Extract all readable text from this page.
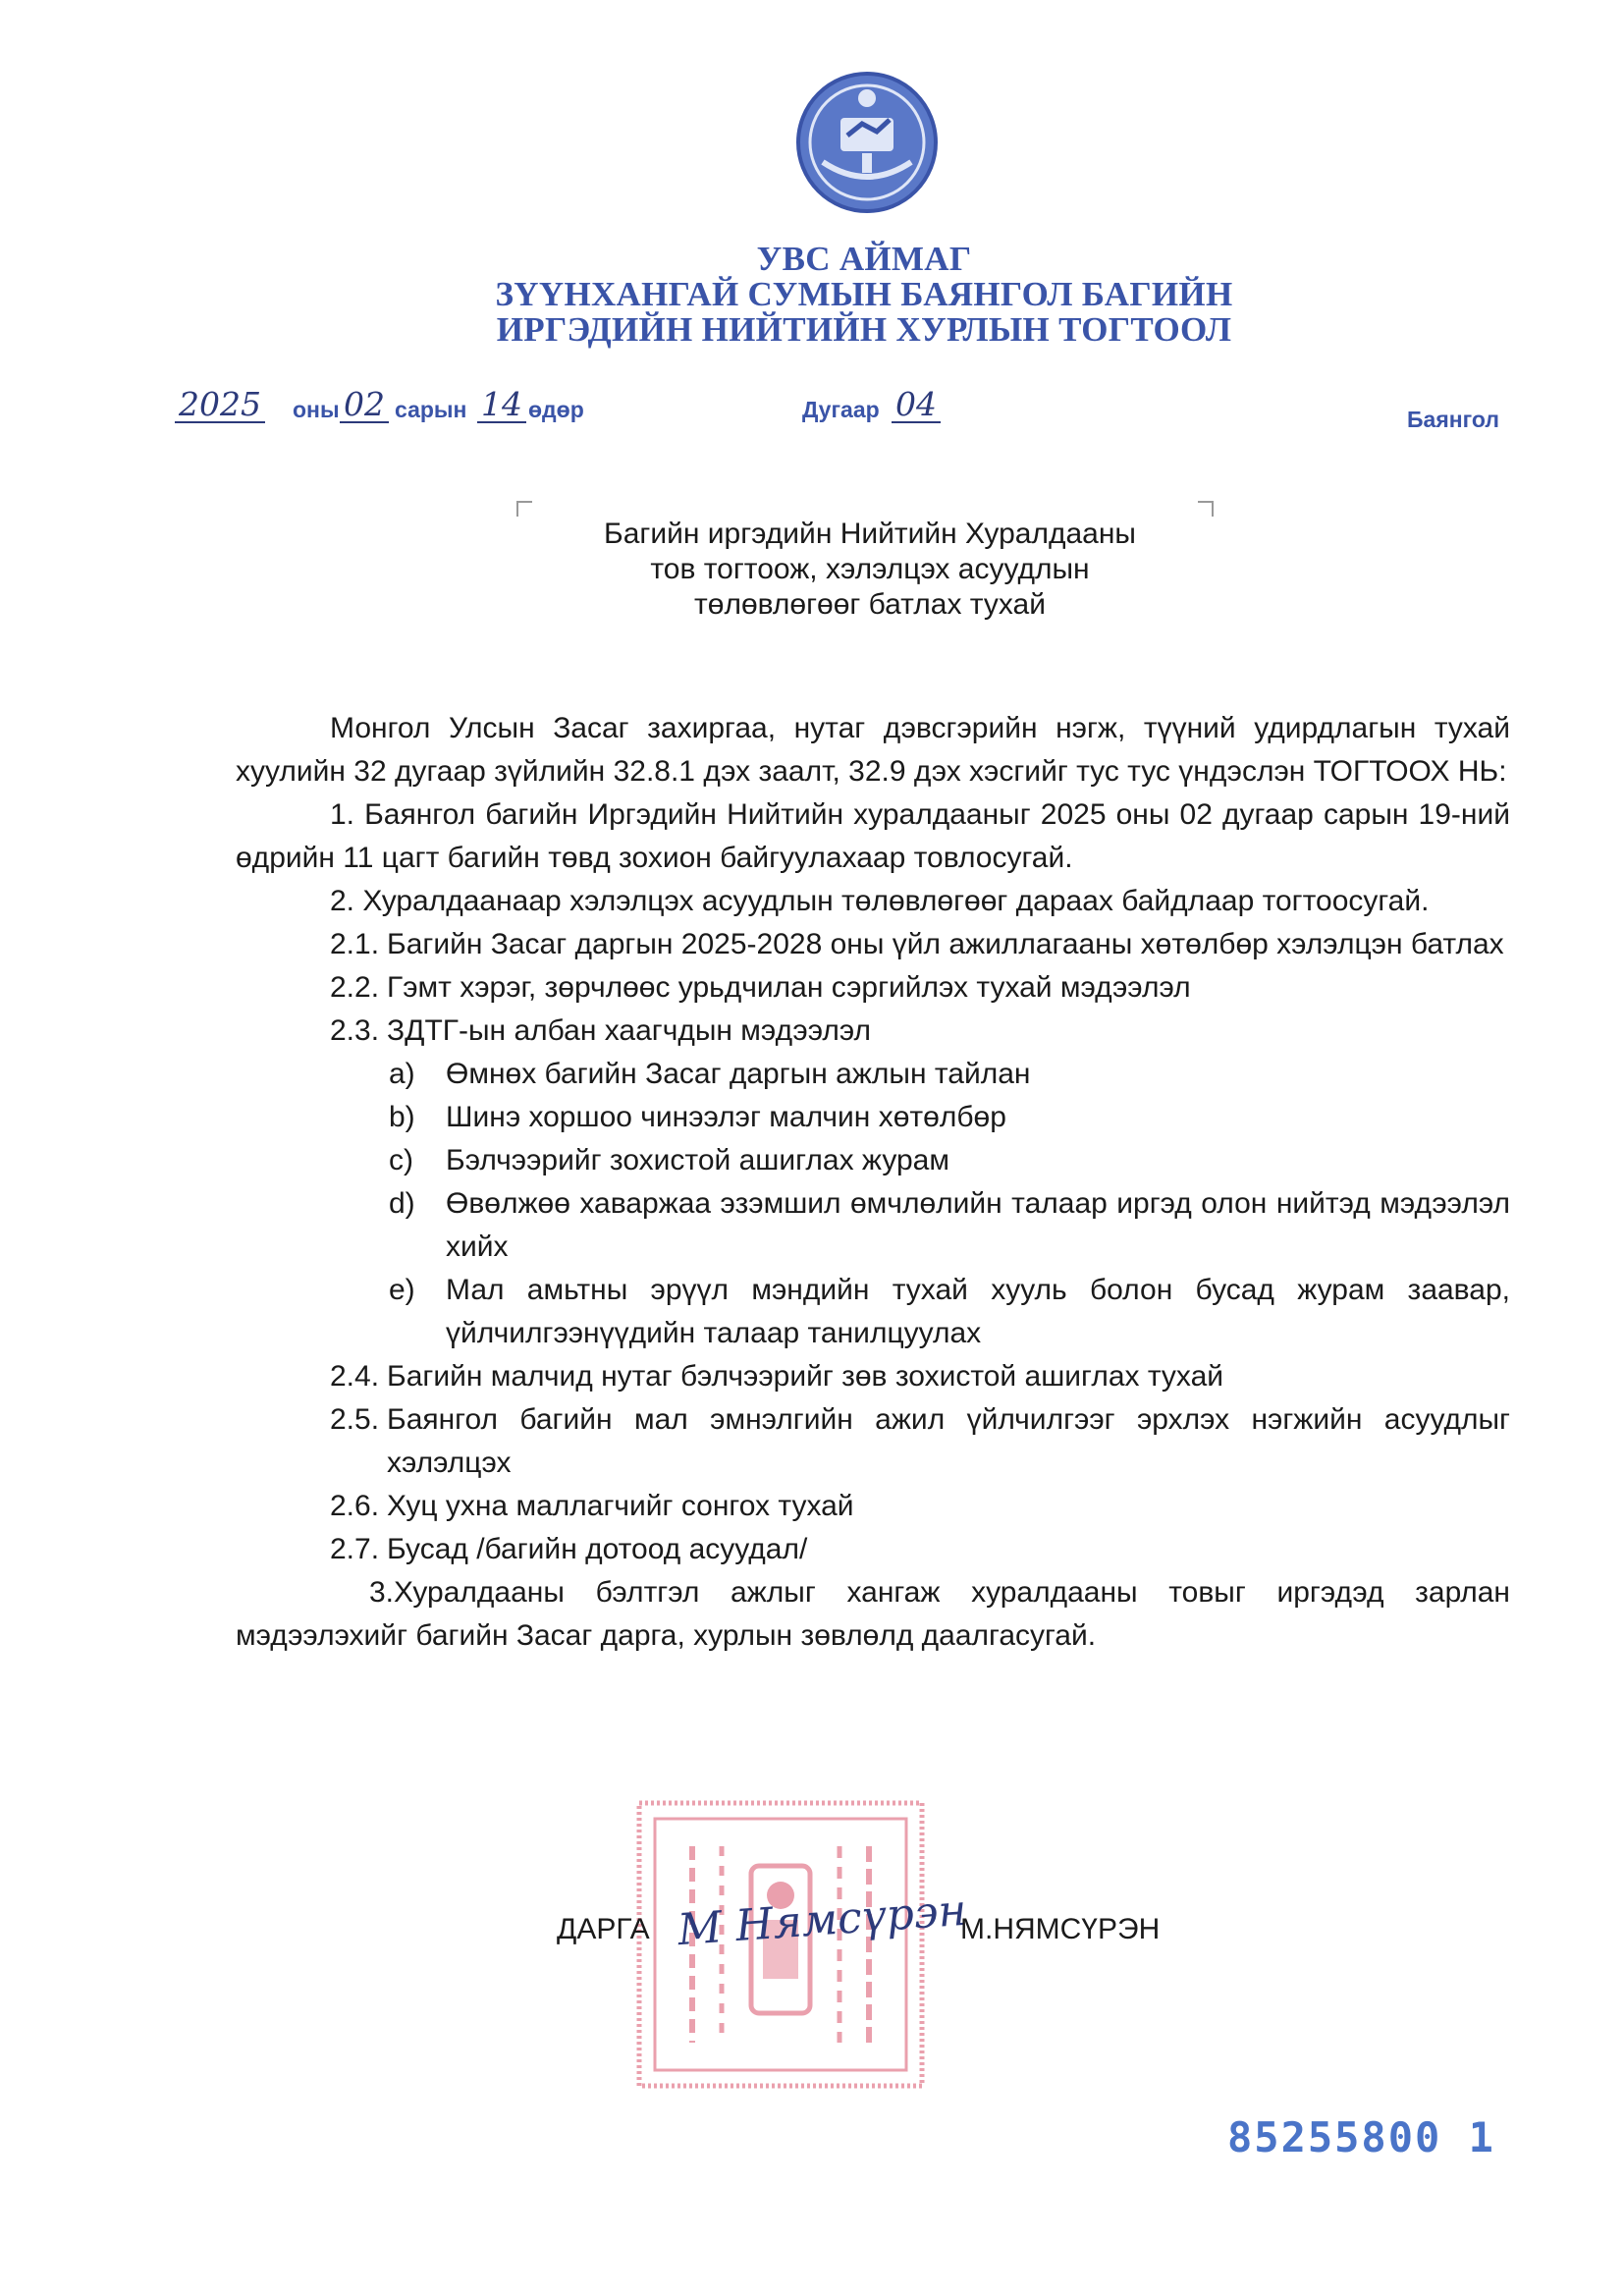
УВС АЙМАГ
ЗҮҮНХАНГАЙ СУМЫН БАЯНГОЛ БАГИЙН
ИРГЭДИЙН НИЙТИЙН ХУРЛЫН ТОГТООЛ
2025 оны 02 сарын 14 өдөр	Дугаар 04	Баянгол
Багийн иргэдийн Нийтийн Хуралдааны
тов тогтоож, хэлэлцэх асуудлын
төлөвлөгөөг батлах тухай

Монгол Улсын Засаг захиргаа, нутаг дэвсгэрийн нэгж, түүний удирдлагын тухай хуулийн 32 дугаар зүйлийн 32.8.1 дэх заалт, 32.9 дэх хэсгийг тус тус үндэслэн ТОГТООХ НЬ:

1. Баянгол багийн Иргэдийн Нийтийн хуралдааныг 2025 оны 02 дугаар сарын 19-ний өдрийн 11 цагт багийн төвд зохион байгуулахаар товлосугай.

2. Хуралдаанаар хэлэлцэх асуудлын төлөвлөгөөг дараах байдлаар тогтоосугай.

2.1. Багийн Засаг даргын 2025-2028 оны үйл ажиллагааны хөтөлбөр хэлэлцэн батлах

2.2. Гэмт хэрэг, зөрчлөөс урьдчилан сэргийлэх тухай мэдээлэл

2.3. ЗДТГ-ын албан хаагчдын мэдээлэл

a) Өмнөх багийн Засаг даргын ажлын тайлан

b) Шинэ хоршоо чинээлэг малчин хөтөлбөр

c) Бэлчээрийг зохистой ашиглах журам

d) Өвөлжөө хаваржаа эзэмшил өмчлөлийн талаар иргэд олон нийтэд мэдээлэл хийх

e) Мал амьтны эрүүл мэндийн тухай хууль болон бусад журам заавар, үйлчилгээнүүдийн талаар танилцуулах

2.4. Багийн малчид нутаг бэлчээрийг зөв зохистой ашиглах тухай

2.5. Баянгол багийн мал эмнэлгийн ажил үйлчилгээг эрхлэх нэгжийн асуудлыг хэлэлцэх

2.6. Хуц ухна маллагчийг сонгох тухай

2.7. Бусад /багийн дотоод асуудал/

3.Хуралдааны бэлтгэл ажлыг хангаж хуралдааны товыг иргэдэд зарлан мэдээлэхийг багийн Засаг дарга, хурлын зөвлөлд даалгасугай.

ДАРГА М Нямсүрэн
М.НЯМСҮРЭН
85255800 1
